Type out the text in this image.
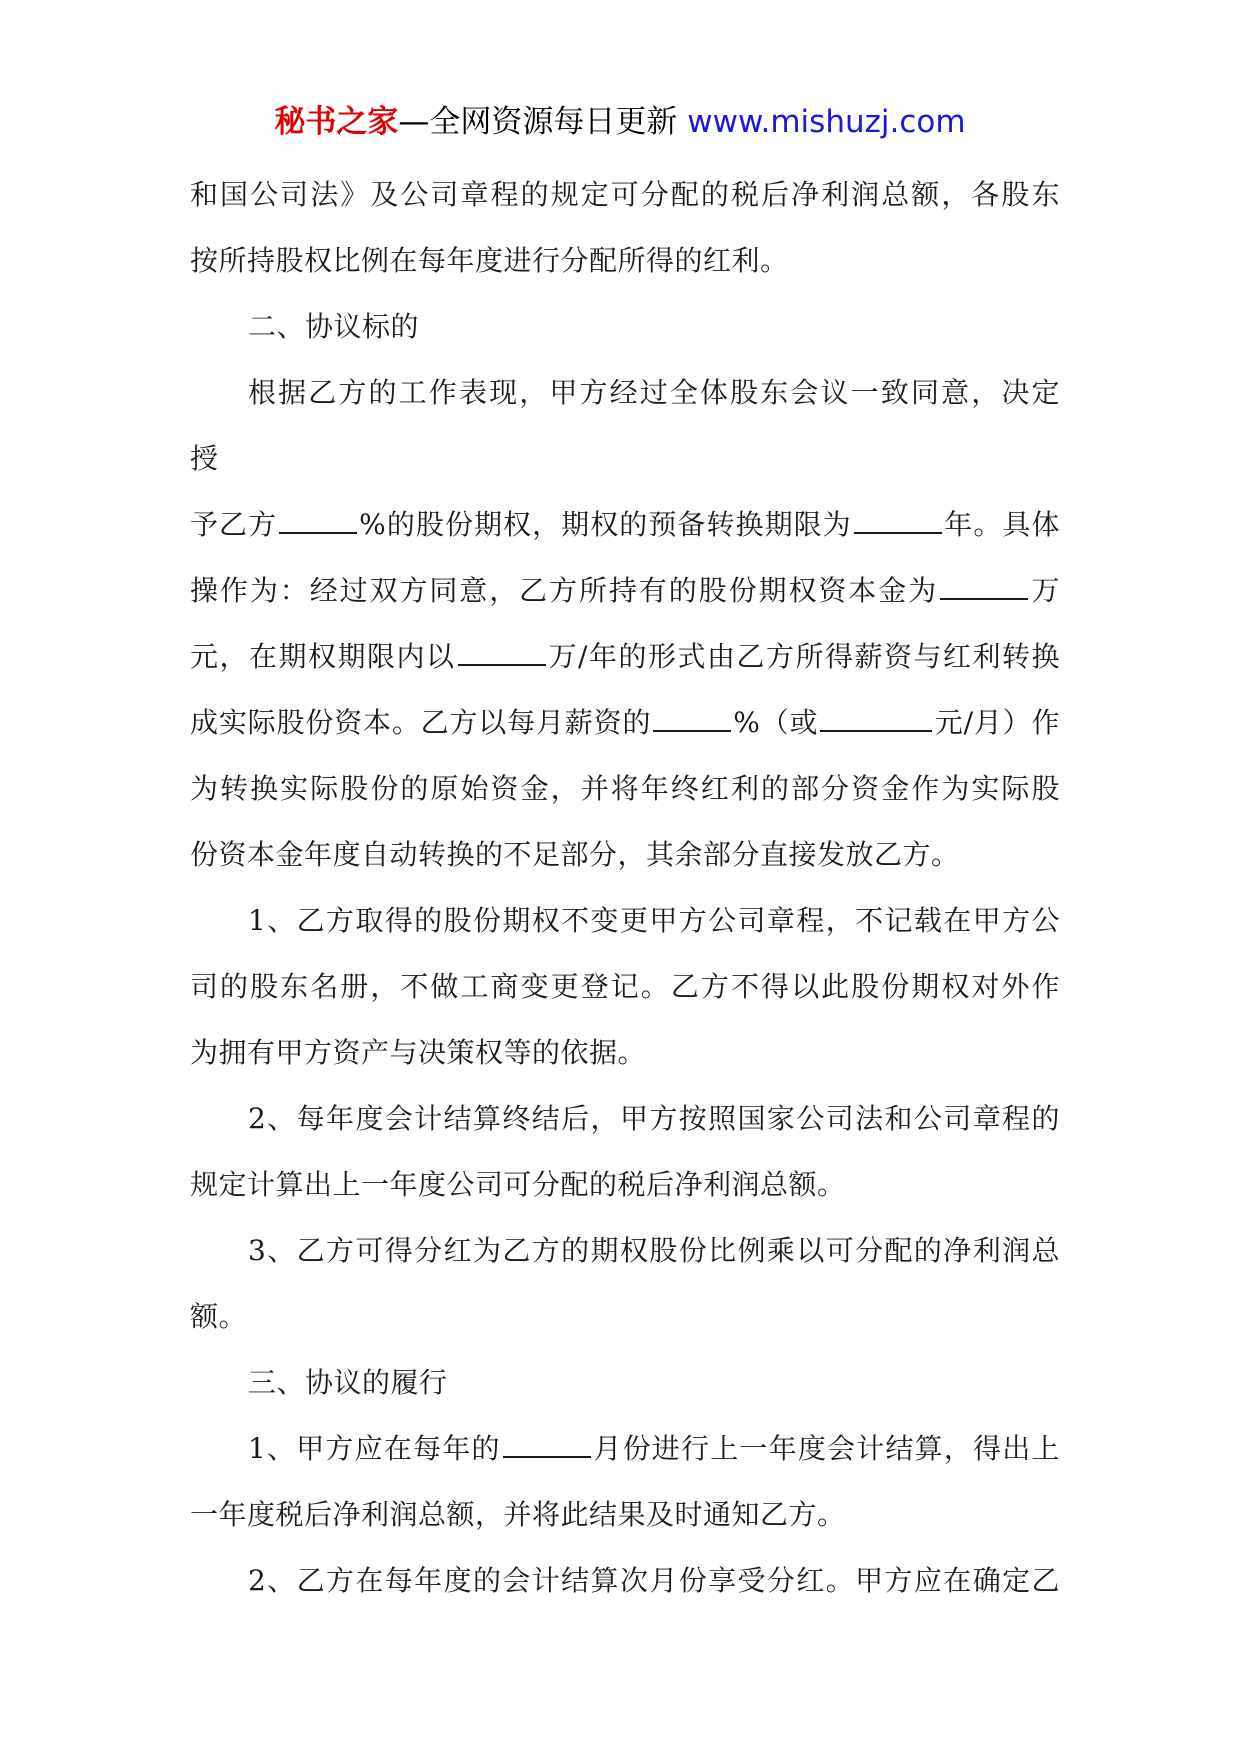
秘书之家—全网资源每日更新 www.mishuzj.com
和国公司法》及公司章程的规定可分配的税后净利润总额，各股东
按所持股权比例在每年度进行分配所得的红利。
二、协议标的
根据乙方的工作表现，甲方经过全体股东会议一致同意，决定
授
予乙方	%的股份期权，期权的预备转换期限为	年。具体
操作为：经过双方同意，乙方所持有的股份期权资本金为	万
元，在期权期限内以	万/年的形式由乙方所得薪资与红利转换
成实际股份资本。乙方以每月薪资的	%（或	元/月）作
为转换实际股份的原始资金，并将年终红利的部分资金作为实际股
份资本金年度自动转换的不足部分，其余部分直接发放乙方。
1、乙方取得的股份期权不变更甲方公司章程，不记载在甲方公
司的股东名册，不做工商变更登记。乙方不得以此股份期权对外作
为拥有甲方资产与决策权等的依据。
2、每年度会计结算终结后，甲方按照国家公司法和公司章程的
规定计算出上一年度公司可分配的税后净利润总额。
3、乙方可得分红为乙方的期权股份比例乘以可分配的净利润总
额。
三、协议的履行
1、甲方应在每年的	月份进行上一年度会计结算，得出上
一年度税后净利润总额，并将此结果及时通知乙方。
2、乙方在每年度的会计结算次月份享受分红。甲方应在确定乙
